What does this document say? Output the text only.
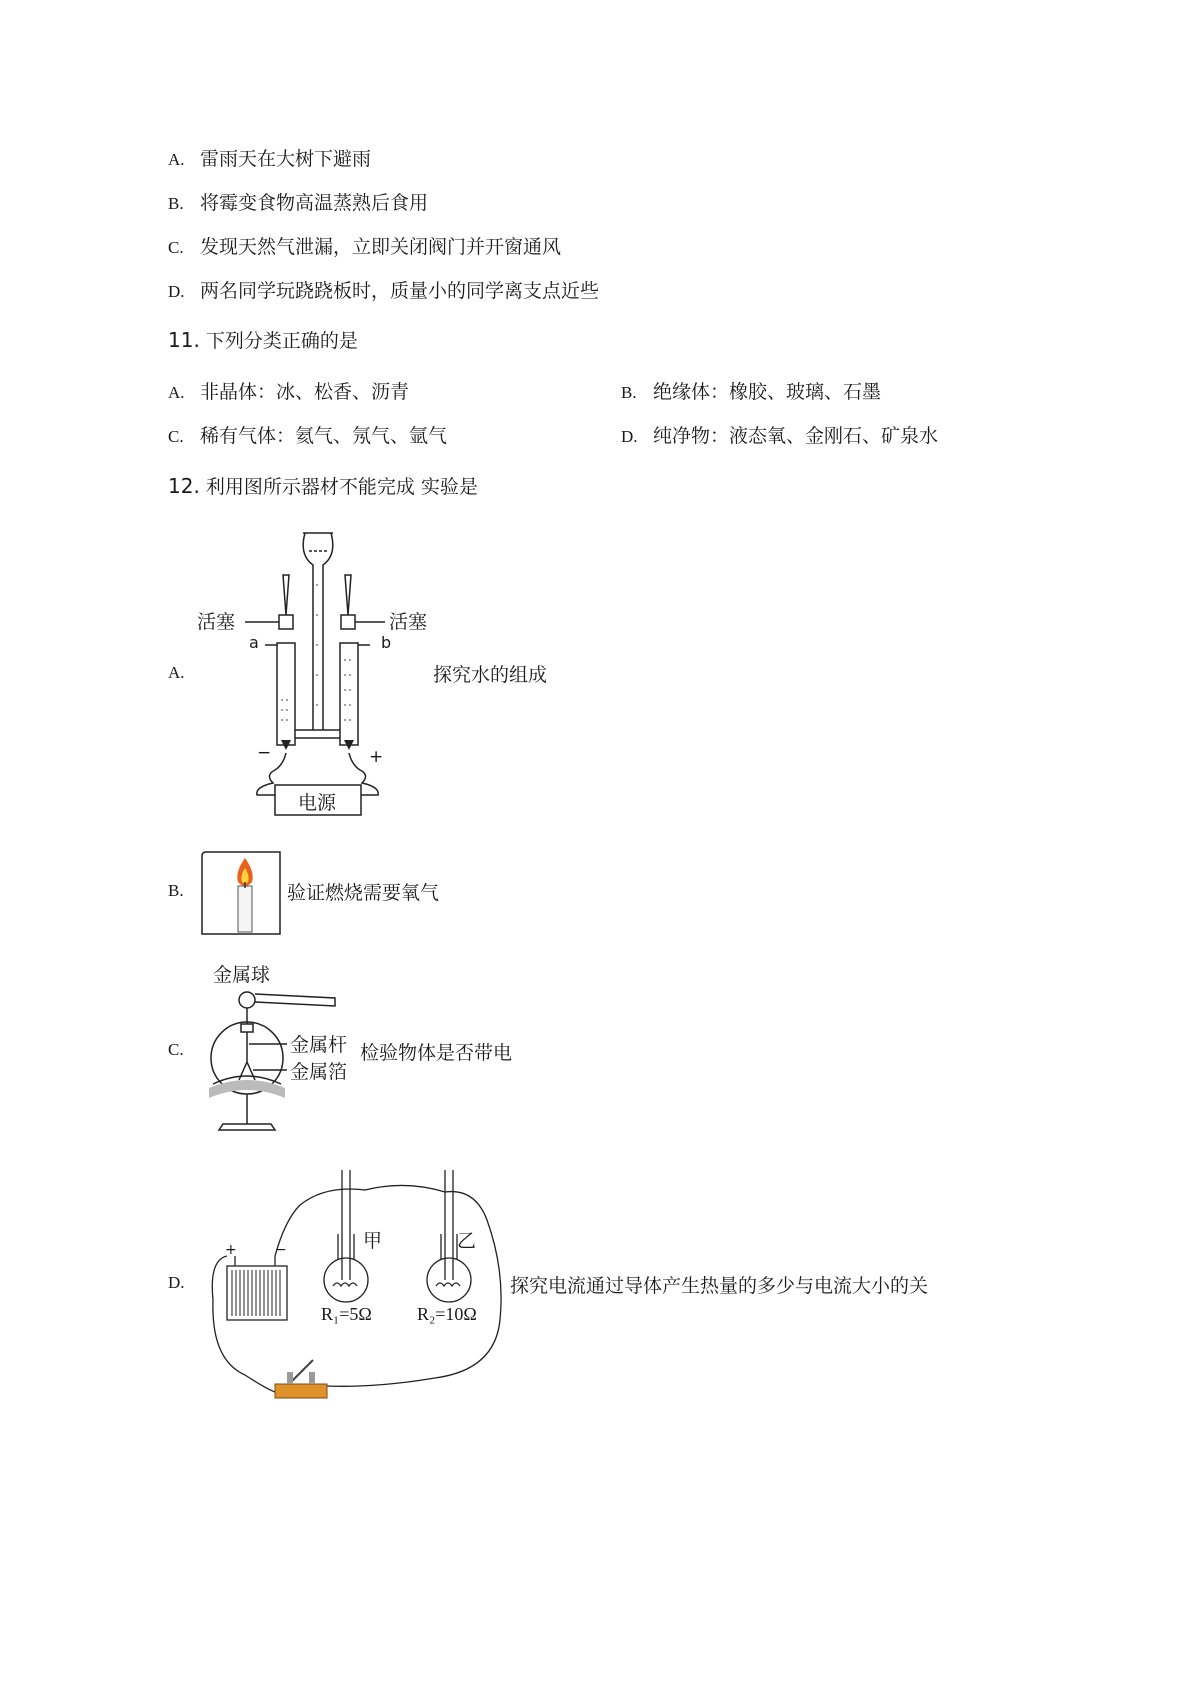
A. 雷雨天在大树下避雨
B. 将霉变食物高温蒸熟后食用
C. 发现天然气泄漏，立即关闭阀门并开窗通风
D. 两名同学玩跷跷板时，质量小的同学离支点近些
11. 下列分类正确的是
A. 非晶体：冰、松香、沥青	B. 绝缘体：橡胶、玻璃、石墨
C. 稀有气体：氦气、氖气、氩气	D. 纯净物：液态氧、金刚石、矿泉水
12. 利用图所示器材不能完成 实验是
A.	探究水的组成
活塞	活塞
a	b
−	+
电源
B.	验证燃烧需要氧气
C.
金属球
金属杆
金属箔
检验物体是否带电
D.
+	−	甲	乙
R₁=5Ω	R₂=10Ω
探究电流通过导体产生热量的多少与电流大小的关
